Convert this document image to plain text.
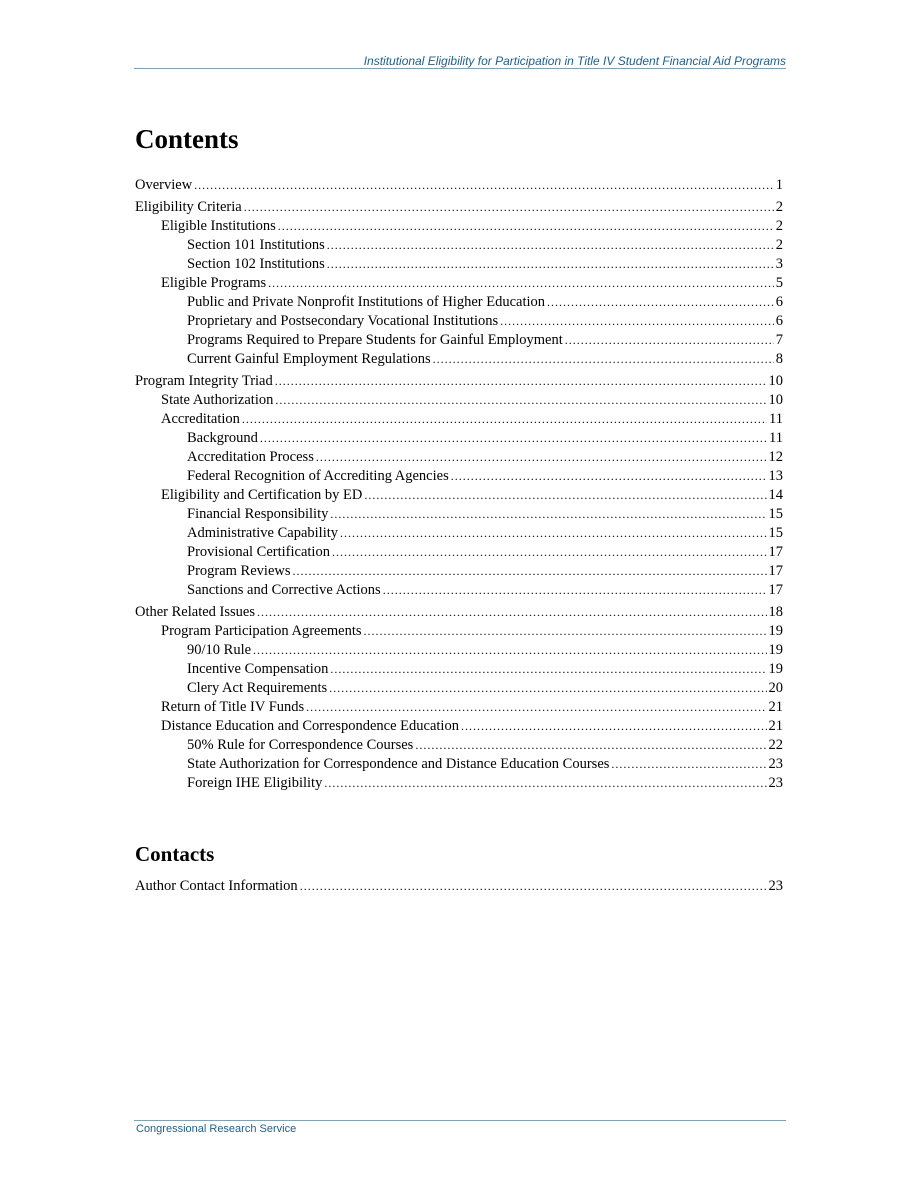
Institutional Eligibility for Participation in Title IV Student Financial Aid Programs
Contents
Overview .....	1
Eligibility Criteria .....	2
Eligible Institutions .....	2
Section 101 Institutions .....	2
Section 102 Institutions .....	3
Eligible Programs .....	5
Public and Private Nonprofit Institutions of Higher Education .....	6
Proprietary and Postsecondary Vocational Institutions .....	6
Programs Required to Prepare Students for Gainful Employment .....	7
Current Gainful Employment Regulations .....	8
Program Integrity Triad .....	10
State Authorization .....	10
Accreditation .....	11
Background .....	11
Accreditation Process .....	12
Federal Recognition of Accrediting Agencies .....	13
Eligibility and Certification by ED .....	14
Financial Responsibility .....	15
Administrative Capability .....	15
Provisional Certification .....	17
Program Reviews .....	17
Sanctions and Corrective Actions .....	17
Other Related Issues .....	18
Program Participation Agreements .....	19
90/10 Rule .....	19
Incentive Compensation .....	19
Clery Act Requirements .....	20
Return of Title IV Funds .....	21
Distance Education and Correspondence Education .....	21
50% Rule for Correspondence Courses .....	22
State Authorization for Correspondence and Distance Education Courses .....	23
Foreign IHE Eligibility .....	23
Contacts
Author Contact Information .....	23
Congressional Research Service
